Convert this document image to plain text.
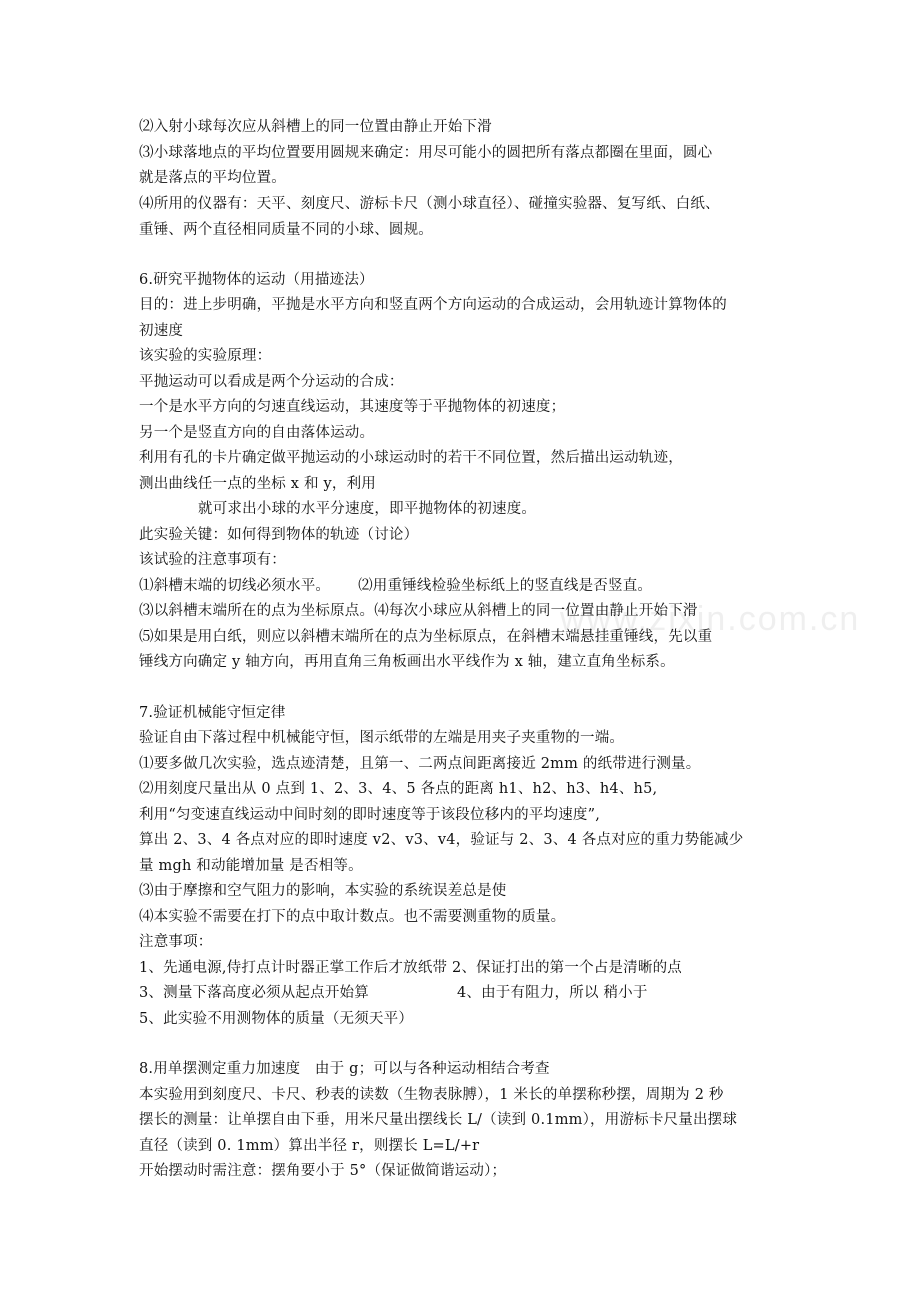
www.zixin.com.cn
⑵入射小球每次应从斜槽上的同一位置由静止开始下滑
⑶小球落地点的平均位置要用圆规来确定：用尽可能小的圆把所有落点都圈在里面，圆心
就是落点的平均位置。
⑷所用的仪器有：天平、刻度尺、游标卡尺（测小球直径）、碰撞实验器、复写纸、白纸、
重锤、两个直径相同质量不同的小球、圆规。
6.研究平抛物体的运动（用描迹法）
目的：进上步明确，平抛是水平方向和竖直两个方向运动的合成运动，会用轨迹计算物体的
初速度
该实验的实验原理：
平抛运动可以看成是两个分运动的合成：
一个是水平方向的匀速直线运动，其速度等于平抛物体的初速度；
另一个是竖直方向的自由落体运动。
利用有孔的卡片确定做平抛运动的小球运动时的若干不同位置，然后描出运动轨迹，
测出曲线任一点的坐标 x 和 y，利用
就可求出小球的水平分速度，即平抛物体的初速度。
此实验关键：如何得到物体的轨迹（讨论）
该试验的注意事项有：
⑴斜槽末端的切线必须水平。 ⑵用重锤线检验坐标纸上的竖直线是否竖直。
⑶以斜槽末端所在的点为坐标原点。⑷每次小球应从斜槽上的同一位置由静止开始下滑
⑸如果是用白纸，则应以斜槽末端所在的点为坐标原点，在斜槽末端悬挂重锤线，先以重
锤线方向确定 y 轴方向，再用直角三角板画出水平线作为 x 轴，建立直角坐标系。
7.验证机械能守恒定律
验证自由下落过程中机械能守恒，图示纸带的左端是用夹子夹重物的一端。
⑴要多做几次实验，选点迹清楚，且第一、二两点间距离接近 2mm 的纸带进行测量。
⑵用刻度尺量出从 0 点到 1、2、3、4、5 各点的距离 h1、h2、h3、h4、h5,
利用“匀变速直线运动中间时刻的即时速度等于该段位移内的平均速度”,
算出 2、3、4 各点对应的即时速度 v2、v3、v4，验证与 2、3、4 各点对应的重力势能减少
量 mgh 和动能增加量 是否相等。
⑶由于摩擦和空气阻力的影响，本实验的系统误差总是使
⑷本实验不需要在打下的点中取计数点。也不需要测重物的质量。
注意事项：
1、先通电源,侍打点计时器正掌工作后才放纸带 2、保证打出的第一个占是清晰的点
3、测量下落高度必须从起点开始算	4、由于有阻力，所以 稍小于
5、此实验不用测物体的质量（无须天平）
8.用单摆测定重力加速度　由于 g；可以与各种运动相结合考查
本实验用到刻度尺、卡尺、秒表的读数（生物表脉膊），1 米长的单摆称秒摆，周期为 2 秒
摆长的测量：让单摆自由下垂，用米尺量出摆线长 L/（读到 0.1mm），用游标卡尺量出摆球
直径（读到 0. 1mm）算出半径 r，则摆长 L=L/+r
开始摆动时需注意：摆角要小于 5°（保证做简谐运动）；
